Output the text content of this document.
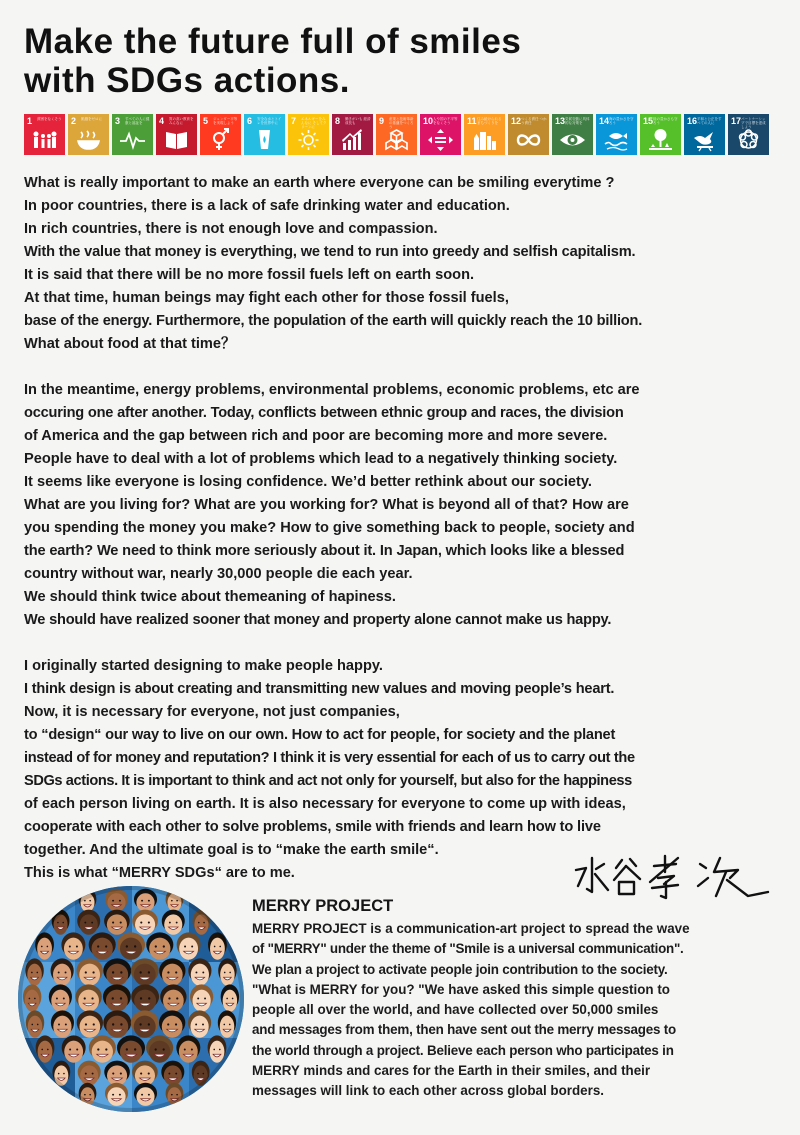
Make the future full of smiles
with SDGs actions.
1 貧困をなくそう 2 飢餓をゼロに	3 すべての人に健康と福祉を	4 質の高い教育をみんなに	5 ジェンダー平等を実現しよう	6 安全な水とトイレを世界中に	7 エネルギーをみんなに そしてクリーンに
8 働きがいも 経済成長も	9 産業と技術革新の基盤をつくろう
10 人や国の不平等をなくそう	11 住み続けられるまちづくりを	12 つくる責任 つかう責任	13 気候変動に具体的な対策を	14 海の豊かさを守ろう	15 陸の豊かさも守ろう	16 平和と公正をすべての人に	17 パートナーシップで目標を達成しよう

What is really important to make an earth where everyone can be smiling everytime ?
In poor countries, there is a lack of safe drinking water and education.
In rich countries, there is not enough love and compassion.
With the value that money is everything, we tend to run into greedy and selfish capitalism.
It is said that there will be no more fossil fuels left on earth soon.
At that time, human beings may fight each other for those fossil fuels,
base of the energy. Furthermore, the population of the earth will quickly reach the 10 billion.
What about food at that time？

In the meantime, energy problems, environmental problems, economic problems, etc are
occuring one after another. Today, conflicts between ethnic group and races, the division
of America and the gap between rich and poor are becoming more and more severe.
People have to deal with a lot of problems which lead to a negatively thinking society.
It seems like everyone is losing confidence. We’d better rethink about our society.
What are you living for? What are you working for? What is beyond all of that? How are
you spending the money you make? How to give something back to people, society and
the earth? We need to think more seriously about it. In Japan, which looks like a blessed
country without war, nearly 30,000 people die each year.
We should think twice about themeaning of hapiness.
We should have realized sooner that money and property alone cannot make us happy.

I originally started designing to make people happy.
I think design is about creating and transmitting new values and moving people’s heart.
Now, it is necessary for everyone, not just companies,
to “design“ our way to live on our own. How to act for people, for society and the planet
instead of for money and reputation? I think it is very essential for each of us to carry out the
SDGs actions. It is important to think and act not only for yourself, but also for the happiness
of each person living on earth. It is also necessary for everyone to come up with ideas,
cooperate with each other to solve problems, smile with friends and learn how to live
together. And the ultimate goal is to “make the earth smile“.
This is what “MERRY SDGs“ are to me.

MERRY PROJECT
MERRY PROJECT is a communication-art project to spread the wave
of "MERRY" under the theme of "Smile is a universal communication".
We plan a project to activate people join contribution to the society.
"What is MERRY for you? "We have asked this simple question to
people all over the world, and have collected over 50,000 smiles
and messages from them, then have sent out the merry messages to
the world through a project. Believe each person who participates in
MERRY minds and cares for the Earth in their smiles, and their
messages will link to each other across global borders.
